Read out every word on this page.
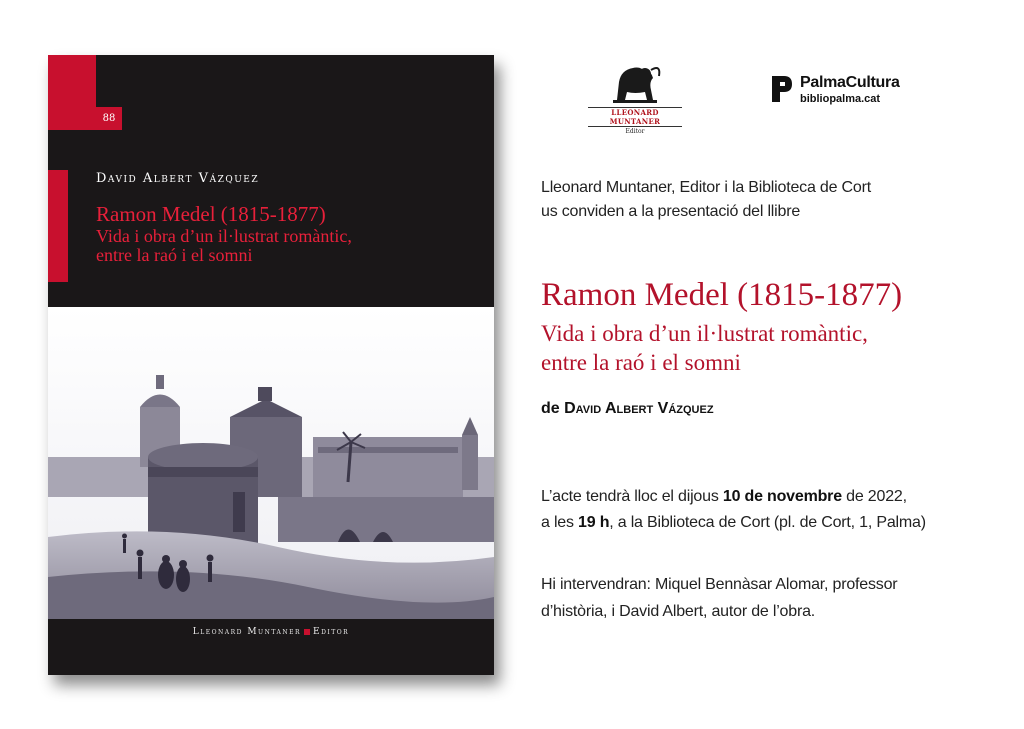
88
David Albert Vázquez
Ramon Medel (1815-1877)
Vida i obra d’un il·lustrat romàntic,
entre la raó i el somni
Lleonard Muntaner Editor
LLEONARD MUNTANER
Editor
PalmaCultura
bibliopalma.cat
Lleonard Muntaner, Editor i la Biblioteca de Cort
us conviden a la presentació del llibre
Ramon Medel (1815-1877)
Vida i obra d’un il·lustrat romàntic,
entre la raó i el somni
de David Albert Vázquez
L’acte tendrà lloc el dijous 10 de novembre de 2022,
a les 19 h, a la Biblioteca de Cort (pl. de Cort, 1, Palma)
Hi intervendran: Miquel Bennàsar Alomar, professor
d’història, i David Albert, autor de l’obra.
